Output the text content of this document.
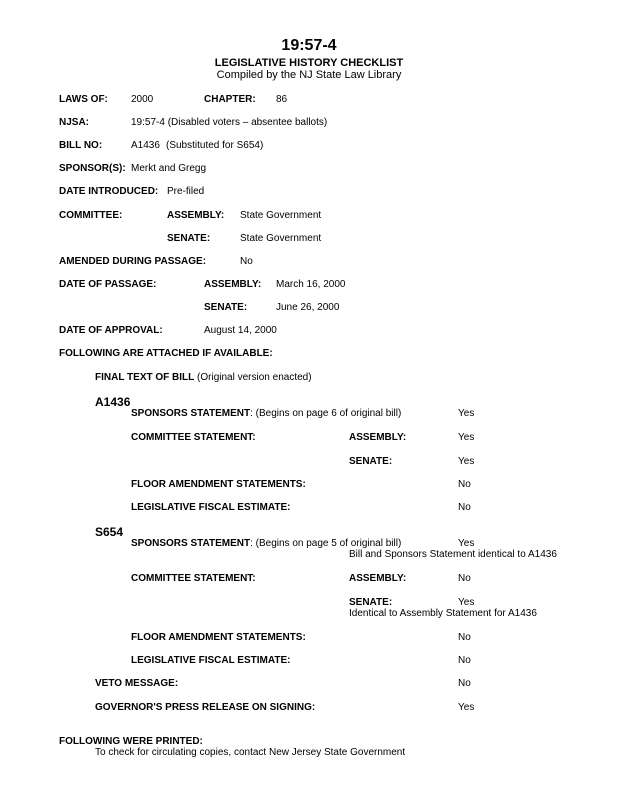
19:57-4
LEGISLATIVE HISTORY CHECKLIST
Compiled by the NJ State Law Library
LAWS OF: 2000	CHAPTER: 86
NJSA:	19:57-4 (Disabled voters – absentee ballots)
BILL NO:	A1436 (Substituted for S654)
SPONSOR(S): Merkt and Gregg
DATE INTRODUCED: Pre-filed
COMMITTEE:	ASSEMBLY: State Government
SENATE:	State Government
AMENDED DURING PASSAGE:	No
DATE OF PASSAGE:	ASSEMBLY: March 16, 2000
SENATE:	June 26, 2000
DATE OF APPROVAL:	August 14, 2000
FOLLOWING ARE ATTACHED IF AVAILABLE:
FINAL TEXT OF BILL (Original version enacted)
A1436
SPONSORS STATEMENT: (Begins on page 6 of original bill)	Yes
COMMITTEE STATEMENT:	ASSEMBLY:	Yes
SENATE:	Yes
FLOOR AMENDMENT STATEMENTS:	No
LEGISLATIVE FISCAL ESTIMATE:	No
S654
SPONSORS STATEMENT: (Begins on page 5 of original bill)	Yes
Bill and Sponsors Statement identical to A1436
COMMITTEE STATEMENT:	ASSEMBLY:	No
SENATE:	Yes
Identical to Assembly Statement for A1436
FLOOR AMENDMENT STATEMENTS:	No
LEGISLATIVE FISCAL ESTIMATE:	No
VETO MESSAGE:	No
GOVERNOR'S PRESS RELEASE ON SIGNING:	Yes
FOLLOWING WERE PRINTED:
To check for circulating copies, contact New Jersey State Government
